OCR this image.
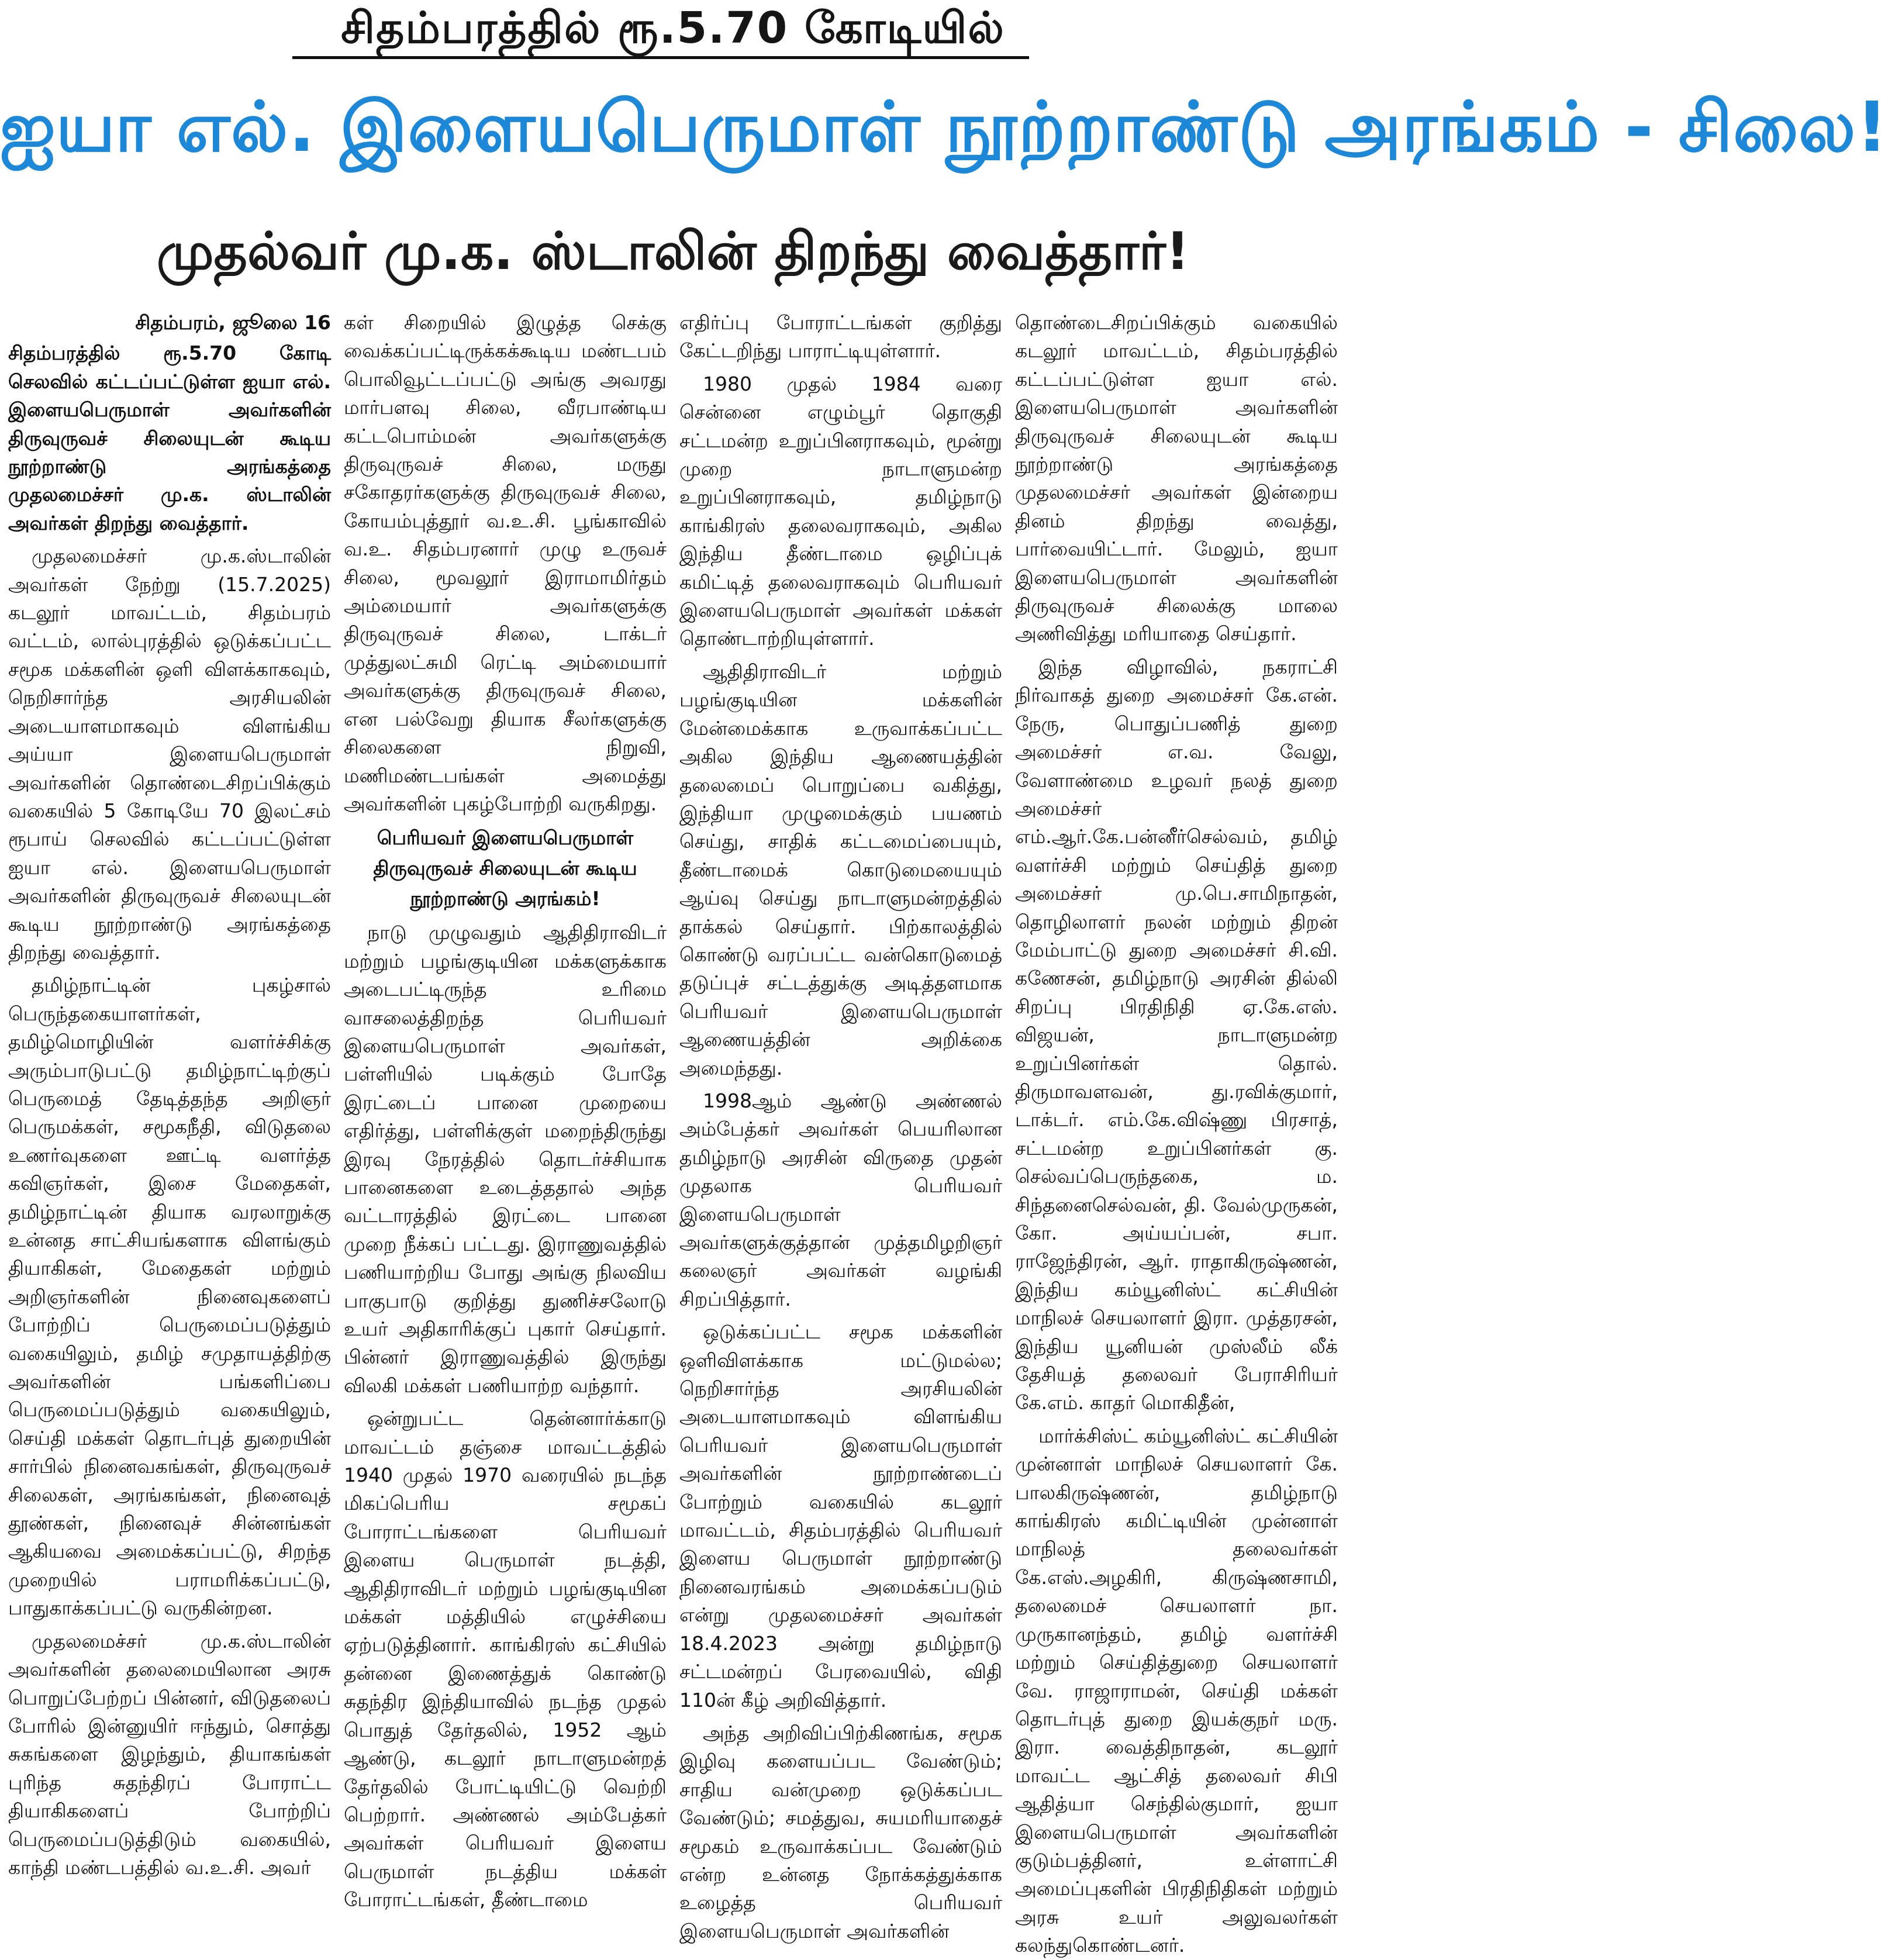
சிதம்பரத்தில் ரூ.5.70 கோடியில்
ஐயா எல். இளையபெருமாள் நூற்றாண்டு அரங்கம் - சிலை!
முதல்வர் மு.க. ஸ்டாலின் திறந்து வைத்தார்!
சிதம்பரம், ஜூலை 16

சிதம்பரத்தில் ரூ.5.70 கோடி செலவில் கட்டப்பட்டுள்ள ஐயா எல். இளையபெருமாள் அவர்களின் திருவுருவச் சிலையுடன் கூடிய நூற்றாண்டு அரங்கத்தை முதலமைச்சர் மு.க. ஸ்டாலின் அவர்கள் திறந்து வைத்தார்.

முதலமைச்சர் மு.க.ஸ்டாலின் அவர்கள் நேற்று (15.7.2025) கடலூர் மாவட்டம், சிதம்பரம் வட்டம், லால்புரத்தில் ஒடுக்கப்பட்ட சமூக மக்களின் ஒளி விளக்காகவும், நெறிசார்ந்த அரசியலின் அடையாளமாகவும் விளங்கிய அய்யா இளையபெருமாள் அவர்களின் தொண்டைசிறப்பிக்கும் வகையில் 5 கோடியே 70 இலட்சம் ரூபாய் செலவில் கட்டப்பட்டுள்ள ஐயா எல். இளையபெருமாள் அவர்களின் திருவுருவச் சிலையுடன் கூடிய நூற்றாண்டு அரங்கத்தை திறந்து வைத்தார்.

தமிழ்நாட்டின் புகழ்சால் பெருந்தகையாளர்கள், தமிழ்மொழியின் வளர்ச்சிக்கு அரும்பாடுபட்டு தமிழ்நாட்டிற்குப் பெருமைத் தேடித்தந்த அறிஞர் பெருமக்கள், சமூகநீதி, விடுதலை உணர்வுகளை ஊட்டி வளர்த்த கவிஞர்கள், இசை மேதைகள், தமிழ்நாட்டின் தியாக வரலாறுக்கு உன்னத சாட்சியங்களாக விளங்கும் தியாகிகள், மேதைகள் மற்றும் அறிஞர்களின் நினைவுகளைப் போற்றிப் பெருமைப்படுத்தும் வகையிலும், தமிழ் சமுதாயத்திற்கு அவர்களின் பங்களிப்பை பெருமைப்படுத்தும் வகையிலும், செய்தி மக்கள் தொடர்புத் துறையின் சார்பில் நினைவகங்கள், திருவுருவச் சிலைகள், அரங்கங்கள், நினைவுத் தூண்கள், நினைவுச் சின்னங்கள் ஆகியவை அமைக்கப்பட்டு, சிறந்த முறையில் பராமரிக்கப்பட்டு, பாதுகாக்கப்பட்டு வருகின்றன.

முதலமைச்சர் மு.க.ஸ்டாலின் அவர்களின் தலைமையிலான அரசு பொறுப்பேற்றப் பின்னர், விடுதலைப் போரில் இன்னுயிர் ஈந்தும், சொத்து சுகங்களை இழந்தும், தியாகங்கள் புரிந்த சுதந்திரப் போராட்ட தியாகிகளைப் போற்றிப் பெருமைப்படுத்திடும் வகையில், காந்தி மண்டபத்தில் வ.உ.சி. அவர்

கள் சிறையில் இழுத்த செக்கு வைக்கப்பட்டிருக்கக்கூடிய மண்டபம் பொலிவூட்டப்பட்டு அங்கு அவரது மார்பளவு சிலை, வீரபாண்டிய கட்டபொம்மன் அவர்களுக்கு திருவுருவச் சிலை, மருது சகோதரர்களுக்கு திருவுருவச் சிலை, கோயம்புத்தூர் வ.உ.சி. பூங்காவில் வ.உ. சிதம்பரனார் முழு உருவச் சிலை, மூவலூர் இராமாமிர்தம் அம்மையார் அவர்களுக்கு திருவுருவச் சிலை, டாக்டர் முத்துலட்சுமி ரெட்டி அம்மையார் அவர்களுக்கு திருவுருவச் சிலை, என பல்வேறு தியாக சீலர்களுக்கு சிலைகளை நிறுவி, மணிமண்டபங்கள் அமைத்து அவர்களின் புகழ்போற்றி வருகிறது.

பெரியவர் இளையபெருமாள் திருவுருவச் சிலையுடன் கூடிய நூற்றாண்டு அரங்கம்!

நாடு முழுவதும் ஆதிதிராவிடர் மற்றும் பழங்குடியின மக்களுக்காக அடைபட்டிருந்த உரிமை வாசலைத்திறந்த பெரியவர் இளையபெருமாள் அவர்கள், பள்ளியில் படிக்கும் போதே இரட்டைப் பானை முறையை எதிர்த்து, பள்ளிக்குள் மறைந்திருந்து இரவு நேரத்தில் தொடர்ச்சியாக பானைகளை உடைத்ததால் அந்த வட்டாரத்தில் இரட்டை பானை முறை நீக்கப் பட்டது. இராணுவத்தில் பணியாற்றிய போது அங்கு நிலவிய பாகுபாடு குறித்து துணிச்சலோடு உயர் அதிகாரிக்குப் புகார் செய்தார். பின்னர் இராணுவத்தில் இருந்து விலகி மக்கள் பணியாற்ற வந்தார்.

ஒன்றுபட்ட தென்னார்க்காடு மாவட்டம் தஞ்சை மாவட்டத்தில் 1940 முதல் 1970 வரையில் நடந்த மிகப்பெரிய சமூகப் போராட்டங்களை பெரியவர் இளைய பெருமாள் நடத்தி, ஆதிதிராவிடர் மற்றும் பழங்குடியின மக்கள் மத்தியில் எழுச்சியை ஏற்படுத்தினார். காங்கிரஸ் கட்சியில் தன்னை இணைத்துக் கொண்டு சுதந்திர இந்தியாவில் நடந்த முதல் பொதுத் தேர்தலில், 1952 ஆம் ஆண்டு, கடலூர் நாடாளுமன்றத் தேர்தலில் போட்டியிட்டு வெற்றி பெற்றார். அண்ணல் அம்பேத்கர் அவர்கள் பெரியவர் இளைய பெருமாள் நடத்திய மக்கள் போராட்டங்கள், தீண்டாமை

எதிர்ப்பு போராட்டங்கள் குறித்து கேட்டறிந்து பாராட்டியுள்ளார்.

1980 முதல் 1984 வரை சென்னை எழும்பூர் தொகுதி சட்டமன்ற உறுப்பினராகவும், மூன்று முறை நாடாளுமன்ற உறுப்பினராகவும், தமிழ்நாடு காங்கிரஸ் தலைவராகவும், அகில இந்திய தீண்டாமை ஒழிப்புக் கமிட்டித் தலைவராகவும் பெரியவர் இளையபெருமாள் அவர்கள் மக்கள் தொண்டாற்றியுள்ளார்.

ஆதிதிராவிடர் மற்றும் பழங்குடியின மக்களின் மேன்மைக்காக உருவாக்கப்பட்ட அகில இந்திய ஆணையத்தின் தலைமைப் பொறுப்பை வகித்து, இந்தியா முழுமைக்கும் பயணம் செய்து, சாதிக் கட்டமைப்பையும், தீண்டாமைக் கொடுமையையும் ஆய்வு செய்து நாடாளுமன்றத்தில் தாக்கல் செய்தார். பிற்காலத்தில் கொண்டு வரப்பட்ட வன்கொடுமைத் தடுப்புச் சட்டத்துக்கு அடித்தளமாக பெரியவர் இளையபெருமாள் ஆணையத்தின் அறிக்கை அமைந்தது.

1998ஆம் ஆண்டு அண்ணல் அம்பேத்கர் அவர்கள் பெயரிலான தமிழ்நாடு அரசின் விருதை முதன் முதலாக பெரியவர் இளையபெருமாள் அவர்களுக்குத்தான் முத்தமிழறிஞர் கலைஞர் அவர்கள் வழங்கி சிறப்பித்தார்.

ஒடுக்கப்பட்ட சமூக மக்களின் ஒளிவிளக்காக மட்டுமல்ல; நெறிசார்ந்த அரசியலின் அடையாளமாகவும் விளங்கிய பெரியவர் இளையபெருமாள் அவர்களின் நூற்றாண்டைப் போற்றும் வகையில் கடலூர் மாவட்டம், சிதம்பரத்தில் பெரியவர் இளைய பெருமாள் நூற்றாண்டு நினைவரங்கம் அமைக்கப்படும் என்று முதலமைச்சர் அவர்கள் 18.4.2023 அன்று தமிழ்நாடு சட்டமன்றப் பேரவையில், விதி 110ன் கீழ் அறிவித்தார்.

அந்த அறிவிப்பிற்கிணங்க, சமூக இழிவு களையப்பட வேண்டும்; சாதிய வன்முறை ஒடுக்கப்பட வேண்டும்; சமத்துவ, சுயமரியாதைச் சமூகம் உருவாக்கப்பட வேண்டும் என்ற உன்னத நோக்கத்துக்காக உழைத்த பெரியவர் இளையபெருமாள் அவர்களின்

தொண்டைசிறப்பிக்கும் வகையில் கடலூர் மாவட்டம், சிதம்பரத்தில் கட்டப்பட்டுள்ள ஐயா எல். இளையபெருமாள் அவர்களின் திருவுருவச் சிலையுடன் கூடிய நூற்றாண்டு அரங்கத்தை முதலமைச்சர் அவர்கள் இன்றைய தினம் திறந்து வைத்து, பார்வையிட்டார். மேலும், ஐயா இளையபெருமாள் அவர்களின் திருவுருவச் சிலைக்கு மாலை அணிவித்து மரியாதை செய்தார்.

இந்த விழாவில், நகராட்சி நிர்வாகத் துறை அமைச்சர் கே.என். நேரு, பொதுப்பணித் துறை அமைச்சர் எ.வ. வேலு, வேளாண்மை உழவர் நலத் துறை அமைச்சர் எம்.ஆர்.கே.பன்னீர்செல்வம், தமிழ் வளர்ச்சி மற்றும் செய்தித் துறை அமைச்சர் மு.பெ.சாமிநாதன், தொழிலாளர் நலன் மற்றும் திறன் மேம்பாட்டு துறை அமைச்சர் சி.வி. கணேசன், தமிழ்நாடு அரசின் தில்லி சிறப்பு பிரதிநிதி ஏ.கே.எஸ். விஜயன், நாடாளுமன்ற உறுப்பினர்கள் தொல். திருமாவளவன், து.ரவிக்குமார், டாக்டர். எம்.கே.விஷ்ணு பிரசாத், சட்டமன்ற உறுப்பினர்கள் கு. செல்வப்பெருந்தகை, ம. சிந்தனைசெல்வன், தி. வேல்முருகன், கோ. அய்யப்பன், சபா. ராஜேந்திரன், ஆர். ராதாகிருஷ்ணன், இந்திய கம்யூனிஸ்ட் கட்சியின் மாநிலச் செயலாளர் இரா. முத்தரசன், இந்திய யூனியன் முஸ்லீம் லீக் தேசியத் தலைவர் பேராசிரியர் கே.எம். காதர் மொகிதீன்,

மார்க்சிஸ்ட் கம்யூனிஸ்ட் கட்சியின் முன்னாள் மாநிலச் செயலாளர் கே. பாலகிருஷ்ணன், தமிழ்நாடு காங்கிரஸ் கமிட்டியின் முன்னாள் மாநிலத் தலைவர்கள் கே.எஸ்.அழகிரி, கிருஷ்ணசாமி, தலைமைச் செயலாளர் நா. முருகானந்தம், தமிழ் வளர்ச்சி மற்றும் செய்தித்துறை செயலாளர் வே. ராஜாராமன், செய்தி மக்கள் தொடர்புத் துறை இயக்குநர் மரு. இரா. வைத்திநாதன், கடலூர் மாவட்ட ஆட்சித் தலைவர் சிபி ஆதித்யா செந்தில்குமார், ஐயா இளையபெருமாள் அவர்களின் குடும்பத்தினர், உள்ளாட்சி அமைப்புகளின் பிரதிநிதிகள் மற்றும் அரசு உயர் அலுவலர்கள் கலந்துகொண்டனர்.
